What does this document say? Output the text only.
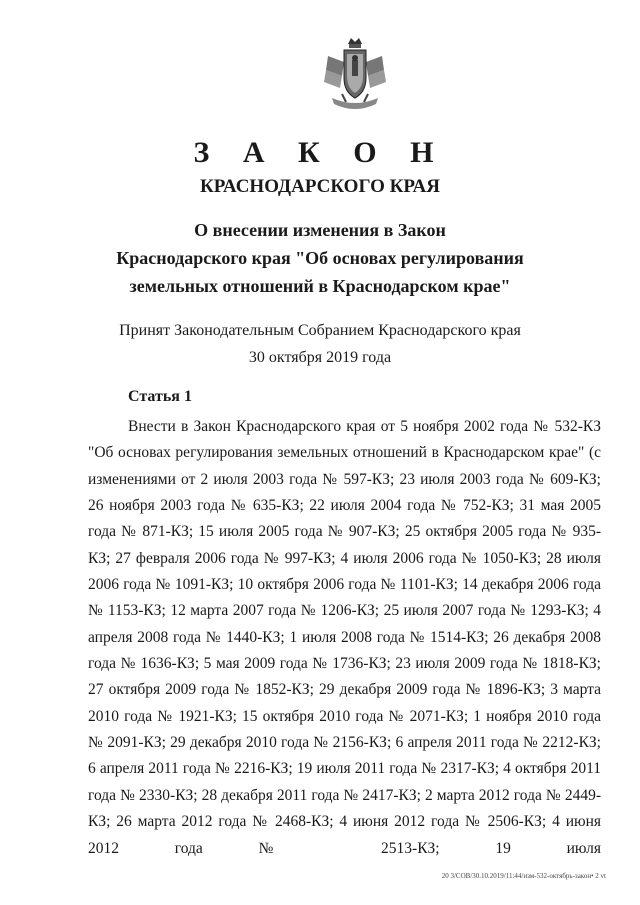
З А К О Н
КРАСНОДАРСКОГО КРАЯ
О внесении изменения в Закон
Краснодарского края "Об основах регулирования
земельных отношений в Краснодарском крае"
Принят Законодательным Собранием Краснодарского края
30 октября 2019 года
Статья 1

Внести в Закон Краснодарского края от 5 ноября 2002 года № 532-КЗ "Об основах регулирования земельных отношений в Краснодарском крае" (с изменениями от 2 июля 2003 года № 597-КЗ; 23 июля 2003 года № 609-КЗ; 26 ноября 2003 года № 635-КЗ; 22 июля 2004 года № 752-КЗ; 31 мая 2005 года № 871-КЗ; 15 июля 2005 года № 907-КЗ; 25 октября 2005 года № 935-КЗ; 27 февраля 2006 года № 997-КЗ; 4 июля 2006 года № 1050-КЗ; 28 июля 2006 года № 1091-КЗ; 10 октября 2006 года № 1101-КЗ; 14 декабря 2006 года № 1153-КЗ; 12 марта 2007 года № 1206-КЗ; 25 июля 2007 года № 1293-КЗ; 4 апреля 2008 года № 1440-КЗ; 1 июля 2008 года № 1514-КЗ; 26 декабря 2008 года № 1636-КЗ; 5 мая 2009 года № 1736-КЗ; 23 июля 2009 года № 1818-КЗ; 27 октября 2009 года № 1852-КЗ; 29 декабря 2009 года № 1896-КЗ; 3 марта 2010 года № 1921-КЗ; 15 октября 2010 года № 2071-КЗ; 1 ноября 2010 года № 2091-КЗ; 29 декабря 2010 года № 2156-КЗ; 6 апреля 2011 года № 2212-КЗ; 6 апреля 2011 года № 2216-КЗ; 19 июля 2011 года № 2317-КЗ; 4 октября 2011 года № 2330-КЗ; 28 декабря 2011 года № 2417-КЗ; 2 марта 2012 года № 2449-КЗ; 26 марта 2012 года № 2468-КЗ; 4 июня 2012 года № 2506-КЗ; 4 июня 2012 года № 2513-КЗ; 19 июля

20 3/СОВ/30.10.2019/11:44/изм-532-октябрь-закон• 2 vt
